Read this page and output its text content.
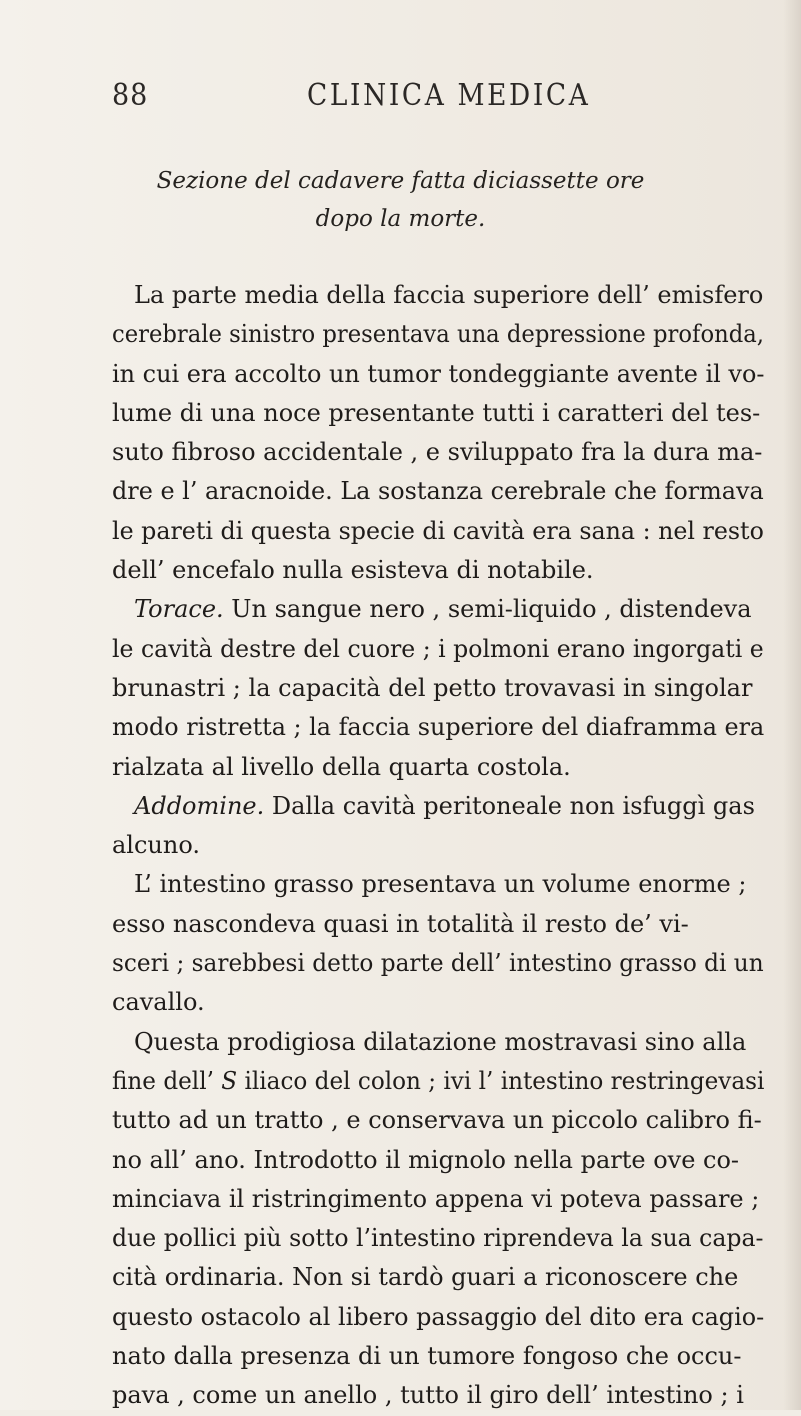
88	CLINICA MEDICA
Sezione del cadavere fatta diciassette ore
dopo la morte.
La parte media della faccia superiore dell’ emisfero
cerebrale sinistro presentava una depressione profonda,
in cui era accolto un tumor tondeggiante avente il vo-
lume di una noce presentante tutti i caratteri del tes-
suto fibroso accidentale , e sviluppato fra la dura ma-
dre e l’ aracnoide. La sostanza cerebrale che formava
le pareti di questa specie di cavità era sana : nel resto
dell’ encefalo nulla esisteva di notabile.
Torace. Un sangue nero , semi-liquido , distendeva
le cavità destre del cuore ; i polmoni erano ingorgati e
brunastri ; la capacità del petto trovavasi in singolar
modo ristretta ; la faccia superiore del diaframma era
rialzata al livello della quarta costola.
Addomine. Dalla cavità peritoneale non isfuggì gas
alcuno.
L’ intestino grasso presentava un volume enorme ;
esso nascondeva quasi in totalità il resto de’ vi-
sceri ; sarebbesi detto parte dell’ intestino grasso di un
cavallo.
Questa prodigiosa dilatazione mostravasi sino alla
fine dell’ S iliaco del colon ; ivi l’ intestino restringevasi
tutto ad un tratto , e conservava un piccolo calibro fi-
no all’ ano. Introdotto il mignolo nella parte ove co-
minciava il ristringimento appena vi poteva passare ;
due pollici più sotto l’intestino riprendeva la sua capa-
cità ordinaria. Non si tardò guari a riconoscere che
questo ostacolo al libero passaggio del dito era cagio-
nato dalla presenza di un tumore fongoso che occu-
pava , come un anello , tutto il giro dell’ intestino ; i
